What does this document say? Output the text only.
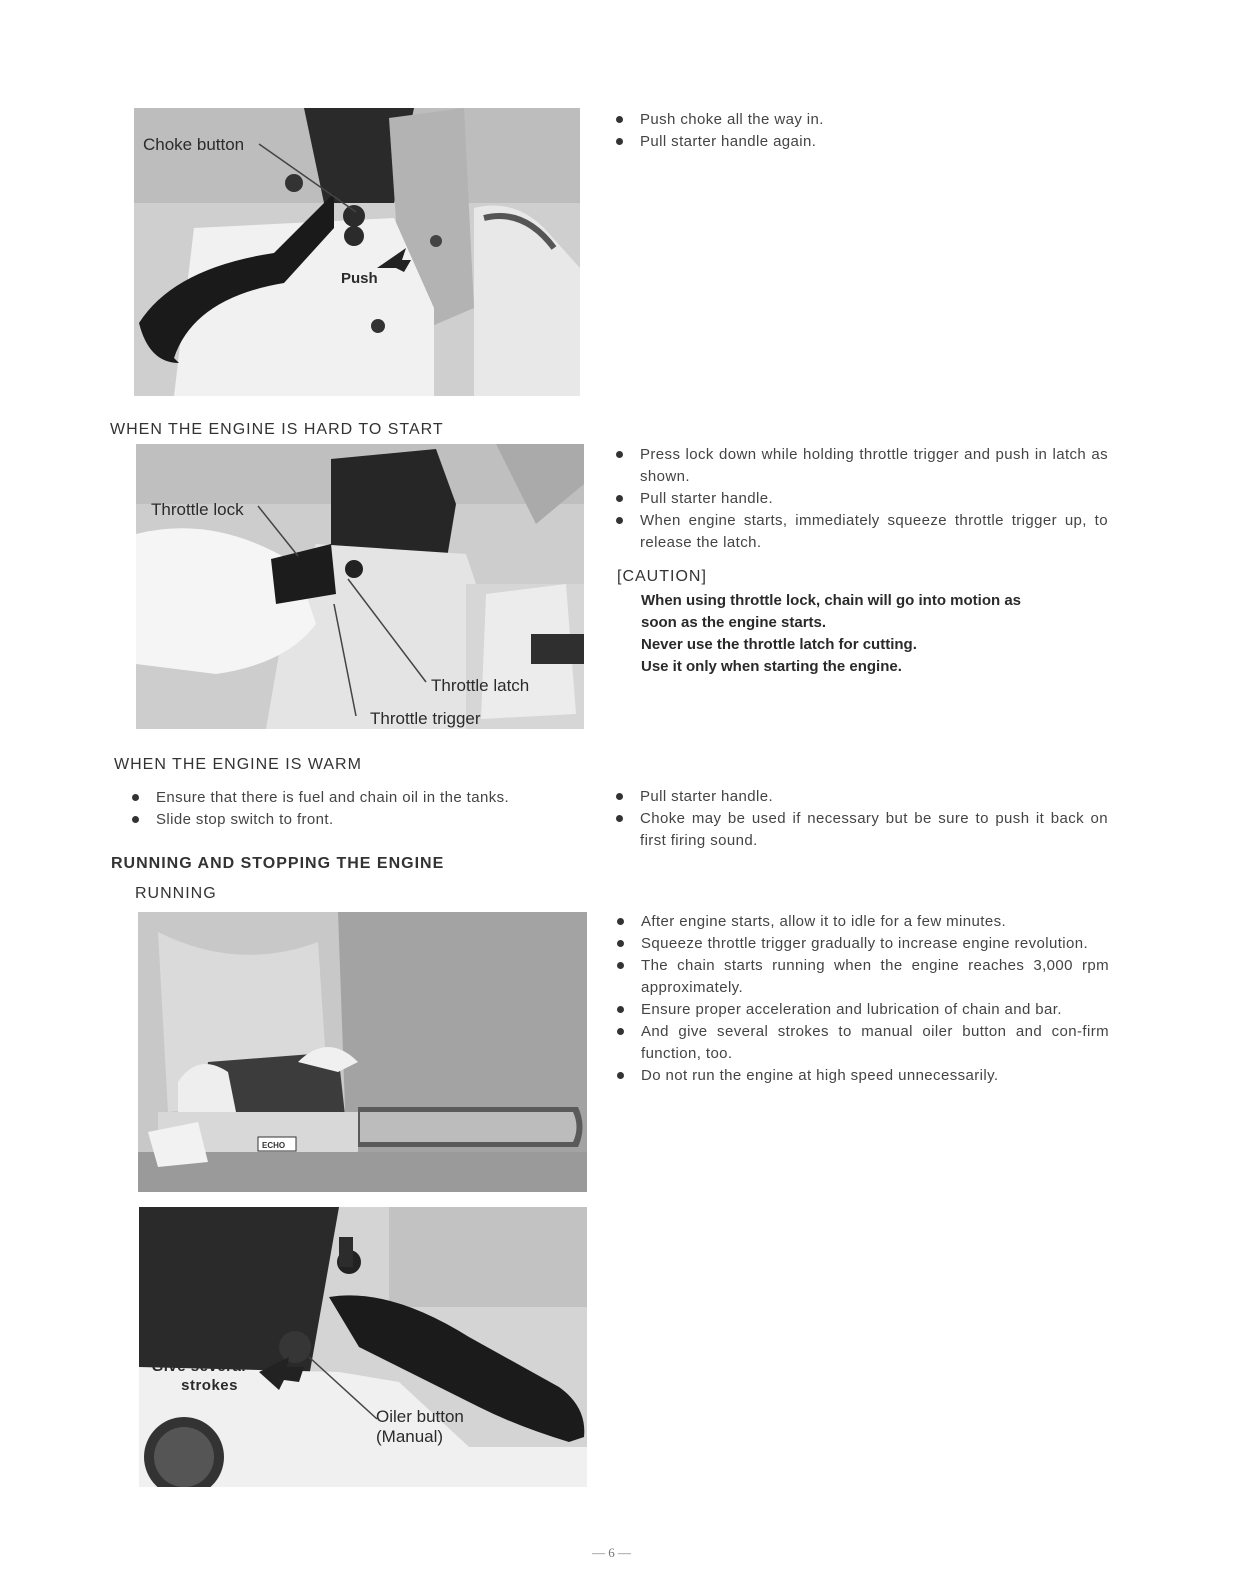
Choke button
Push
Push choke all the way in.
Pull starter handle again.
WHEN THE ENGINE IS HARD TO START
Throttle lock
Throttle latch
Throttle trigger
Press lock down while holding throttle trigger and push in latch as shown.
Pull starter handle.
When engine starts, immediately squeeze throttle trigger up, to release the latch.
[CAUTION]
When using throttle lock, chain will go into motion as
soon as the engine starts.
Never use the throttle latch for cutting.
Use it only when starting the engine.
WHEN THE ENGINE IS WARM
Ensure that there is fuel and chain oil in the tanks.
Slide stop switch to front.
Pull starter handle.
Choke may be used if necessary but be sure to push it back on first firing sound.
RUNNING AND STOPPING THE ENGINE
RUNNING
ECHO
Give several
strokes
Oiler button
(Manual)
After engine starts, allow it to idle for a few minutes.
Squeeze throttle trigger gradually to increase engine revolution.
The chain starts running when the engine reaches 3,000 rpm approximately.
Ensure proper acceleration and lubrication of chain and bar.
And give several strokes to manual oiler button and con-firm function, too.
Do not run the engine at high speed unnecessarily.
— 6 —
